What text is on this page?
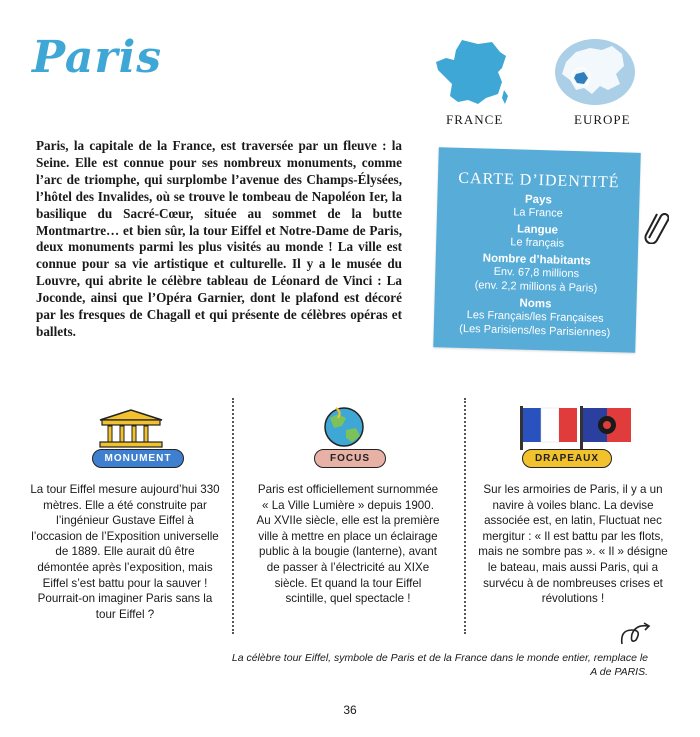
Paris
FRANCE	EUROPE
Paris, la capitale de la France, est traversée par un fleuve : la Seine. Elle est connue pour ses nombreux monuments, comme l’arc de triomphe, qui surplombe l’avenue des Champs-Élysées, l’hôtel des Invalides, où se trouve le tombeau de Napoléon Ier, la basilique du Sacré-Cœur, située au sommet de la butte Montmartre… et bien sûr, la tour Eiffel et Notre-Dame de Paris, deux monuments parmi les plus visités au monde ! La ville est connue pour sa vie artistique et culturelle. Il y a le musée du Louvre, qui abrite le célèbre tableau de Léonard de Vinci : La Joconde, ainsi que l’Opéra Garnier, dont le plafond est décoré par les fresques de Chagall et qui présente de célèbres opéras et ballets.
CARTE D’IDENTITÉ
Pays
La France
Langue
Le français
Nombre d’habitants
Env. 67,8 millions
(env. 2,2 millions à Paris)
Noms
Les Français/les Françaises
(Les Parisiens/les Parisiennes)
MONUMENT
La tour Eiffel mesure aujourd’hui 330 mètres. Elle a été construite par l’ingénieur Gustave Eiffel à l’occasion de l’Exposition universelle de 1889. Elle aurait dû être démontée après l’exposition, mais Eiffel s’est battu pour la sauver ! Pourrait-on imaginer Paris sans la tour Eiffel ?
FOCUS
Paris est officiellement surnommée « La Ville Lumière » depuis 1900. Au XVIIe siècle, elle est la première ville à mettre en place un éclairage public à la bougie (lanterne), avant de passer à l’électricité au XIXe siècle. Et quand la tour Eiffel scintille, quel spectacle !
DRAPEAUX
Sur les armoiries de Paris, il y a un navire à voiles blanc. La devise associée est, en latin, Fluctuat nec mergitur : « Il est battu par les flots, mais ne sombre pas ». « Il » désigne le bateau, mais aussi Paris, qui a survécu à de nombreuses crises et révolutions !
La célèbre tour Eiffel, symbole de Paris et de la France dans le monde entier, remplace le A de PARIS.
36
